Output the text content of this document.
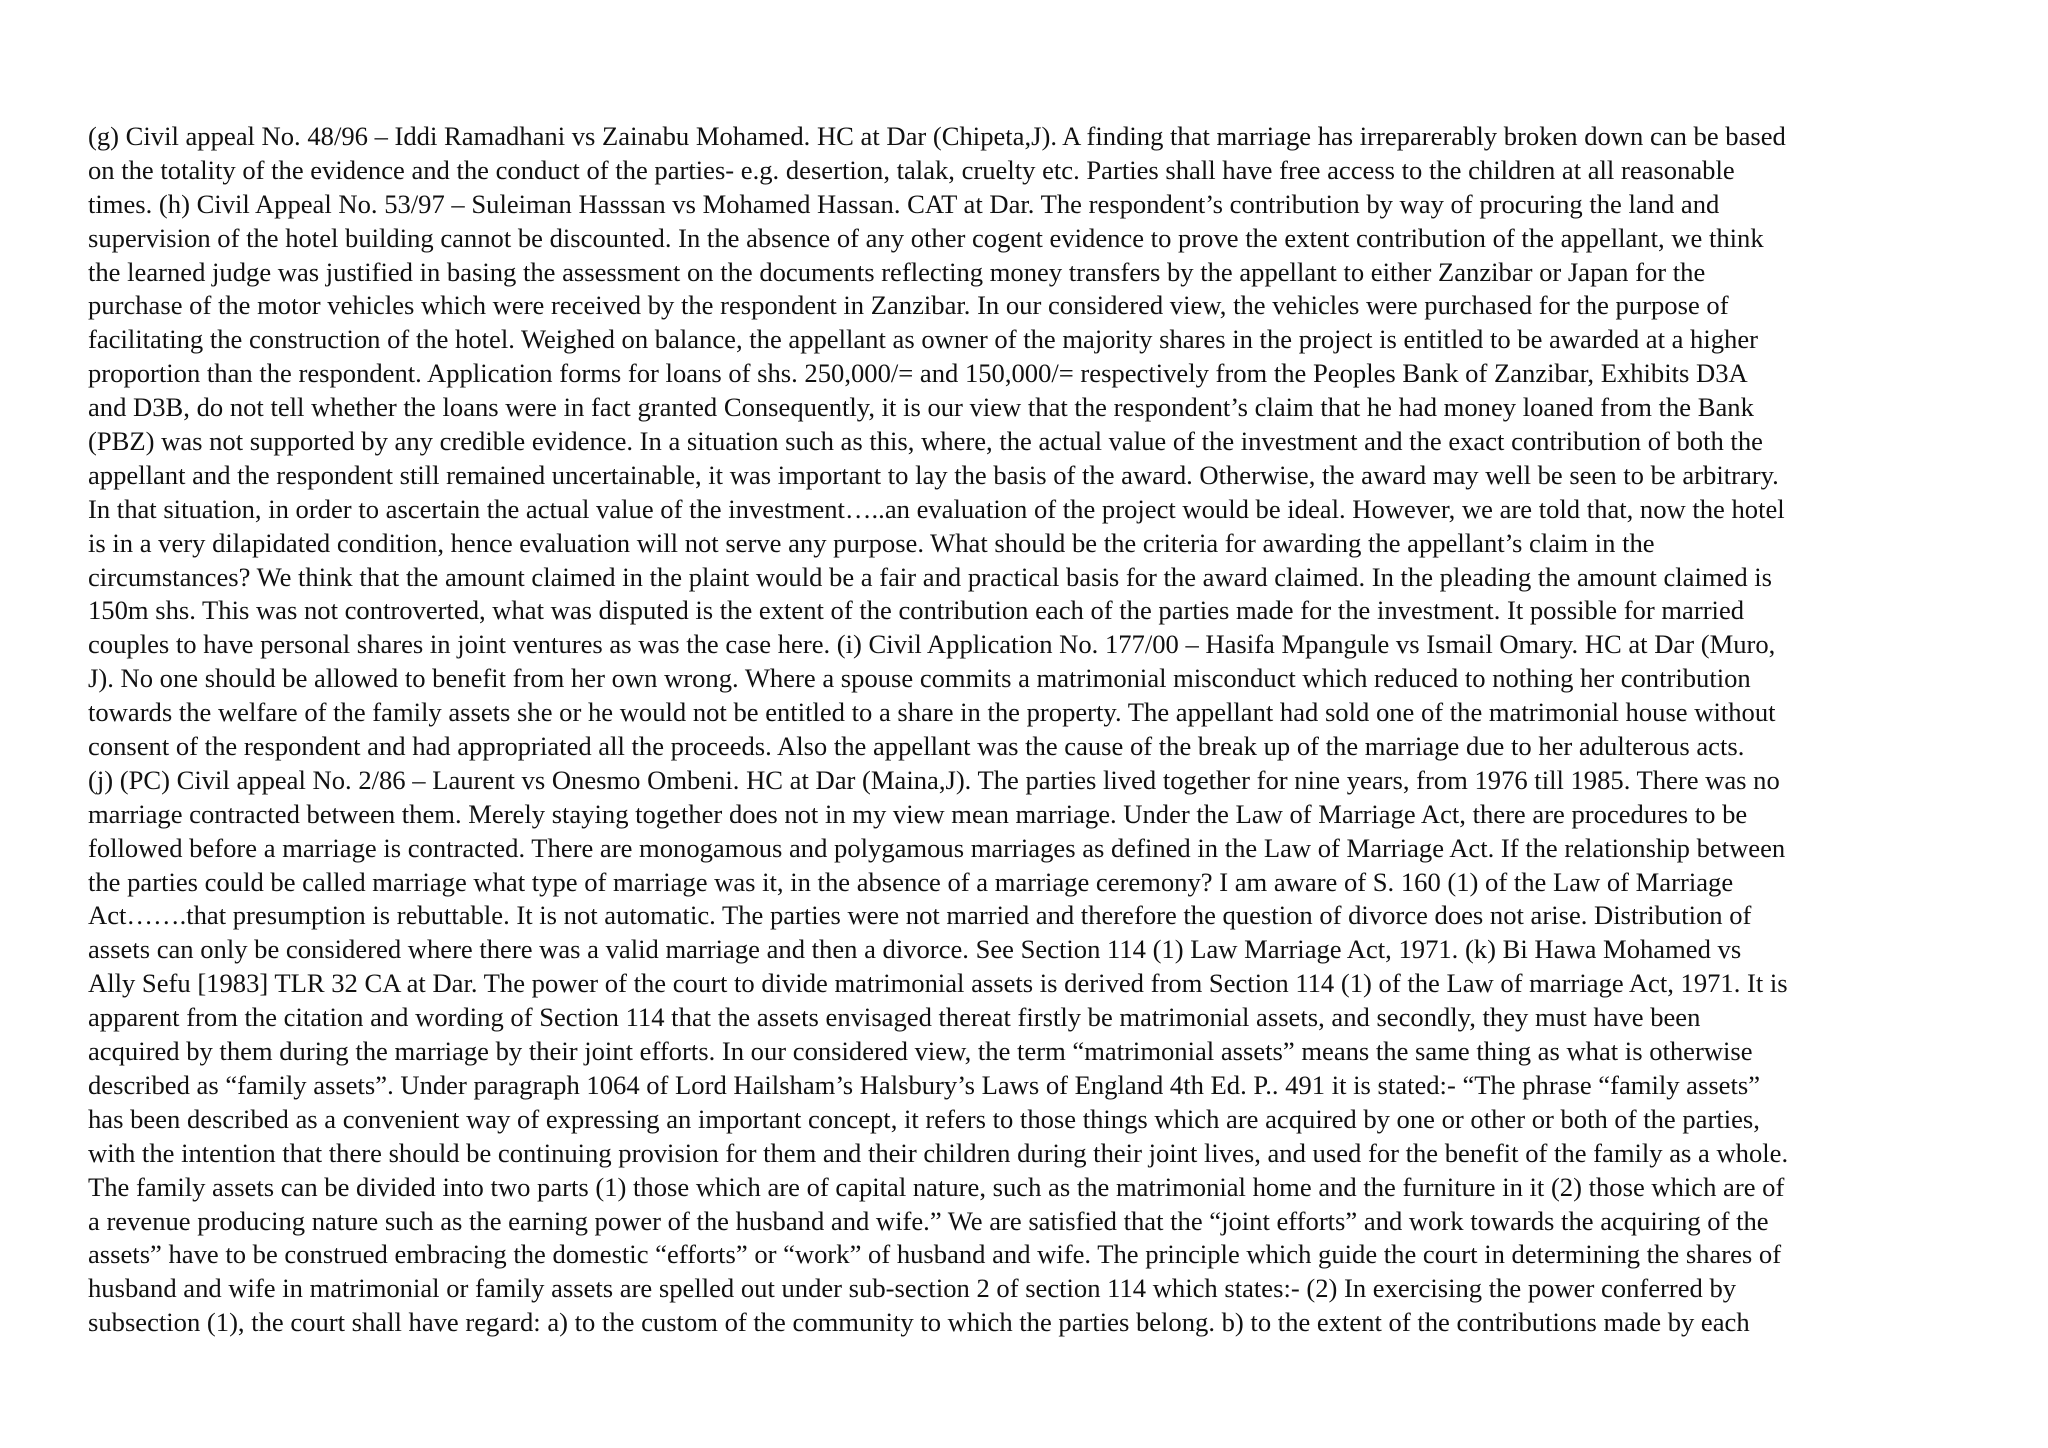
(g) Civil appeal No. 48/96 – Iddi Ramadhani vs Zainabu Mohamed. HC at Dar (Chipeta,J). A finding that marriage has irreparerably broken down can be based
on the totality of the evidence and the conduct of the parties- e.g. desertion, talak, cruelty etc. Parties shall have free access to the children at all reasonable
times. (h) Civil Appeal No. 53/97 – Suleiman Hasssan vs Mohamed Hassan. CAT at Dar. The respondent’s contribution by way of procuring the land and
supervision of the hotel building cannot be discounted. In the absence of any other cogent evidence to prove the extent contribution of the appellant, we think
the learned judge was justified in basing the assessment on the documents reflecting money transfers by the appellant to either Zanzibar or Japan for the
purchase of the motor vehicles which were received by the respondent in Zanzibar. In our considered view, the vehicles were purchased for the purpose of
facilitating the construction of the hotel. Weighed on balance, the appellant as owner of the majority shares in the project is entitled to be awarded at a higher
proportion than the respondent. Application forms for loans of shs. 250,000/= and 150,000/= respectively from the Peoples Bank of Zanzibar, Exhibits D3A
and D3B, do not tell whether the loans were in fact granted Consequently, it is our view that the respondent’s claim that he had money loaned from the Bank
(PBZ) was not supported by any credible evidence. In a situation such as this, where, the actual value of the investment and the exact contribution of both the
appellant and the respondent still remained uncertainable, it was important to lay the basis of the award. Otherwise, the award may well be seen to be arbitrary.
In that situation, in order to ascertain the actual value of the investment…..an evaluation of the project would be ideal. However, we are told that, now the hotel
is in a very dilapidated condition, hence evaluation will not serve any purpose. What should be the criteria for awarding the appellant’s claim in the
circumstances? We think that the amount claimed in the plaint would be a fair and practical basis for the award claimed. In the pleading the amount claimed is
150m shs. This was not controverted, what was disputed is the extent of the contribution each of the parties made for the investment. It possible for married
couples to have personal shares in joint ventures as was the case here. (i) Civil Application No. 177/00 – Hasifa Mpangule vs Ismail Omary. HC at Dar (Muro,
J). No one should be allowed to benefit from her own wrong. Where a spouse commits a matrimonial misconduct which reduced to nothing her contribution
towards the welfare of the family assets she or he would not be entitled to a share in the property. The appellant had sold one of the matrimonial house without
consent of the respondent and had appropriated all the proceeds. Also the appellant was the cause of the break up of the marriage due to her adulterous acts.
(j) (PC) Civil appeal No. 2/86 – Laurent vs Onesmo Ombeni. HC at Dar (Maina,J). The parties lived together for nine years, from 1976 till 1985. There was no
marriage contracted between them. Merely staying together does not in my view mean marriage. Under the Law of Marriage Act, there are procedures to be
followed before a marriage is contracted. There are monogamous and polygamous marriages as defined in the Law of Marriage Act. If the relationship between
the parties could be called marriage what type of marriage was it, in the absence of a marriage ceremony? I am aware of S. 160 (1) of the Law of Marriage
Act…….that presumption is rebuttable. It is not automatic. The parties were not married and therefore the question of divorce does not arise. Distribution of
assets can only be considered where there was a valid marriage and then a divorce. See Section 114 (1) Law Marriage Act, 1971. (k) Bi Hawa Mohamed vs
Ally Sefu [1983] TLR 32 CA at Dar. The power of the court to divide matrimonial assets is derived from Section 114 (1) of the Law of marriage Act, 1971. It is
apparent from the citation and wording of Section 114 that the assets envisaged thereat firstly be matrimonial assets, and secondly, they must have been
acquired by them during the marriage by their joint efforts. In our considered view, the term “matrimonial assets” means the same thing as what is otherwise
described as “family assets”. Under paragraph 1064 of Lord Hailsham’s Halsbury’s Laws of England 4th Ed. P.. 491 it is stated:- “The phrase “family assets”
has been described as a convenient way of expressing an important concept, it refers to those things which are acquired by one or other or both of the parties,
with the intention that there should be continuing provision for them and their children during their joint lives, and used for the benefit of the family as a whole.
The family assets can be divided into two parts (1) those which are of capital nature, such as the matrimonial home and the furniture in it (2) those which are of
a revenue producing nature such as the earning power of the husband and wife.” We are satisfied that the “joint efforts” and work towards the acquiring of the
assets” have to be construed embracing the domestic “efforts” or “work” of husband and wife. The principle which guide the court in determining the shares of
husband and wife in matrimonial or family assets are spelled out under sub-section 2 of section 114 which states:- (2) In exercising the power conferred by
subsection (1), the court shall have regard: a) to the custom of the community to which the parties belong. b) to the extent of the contributions made by each
